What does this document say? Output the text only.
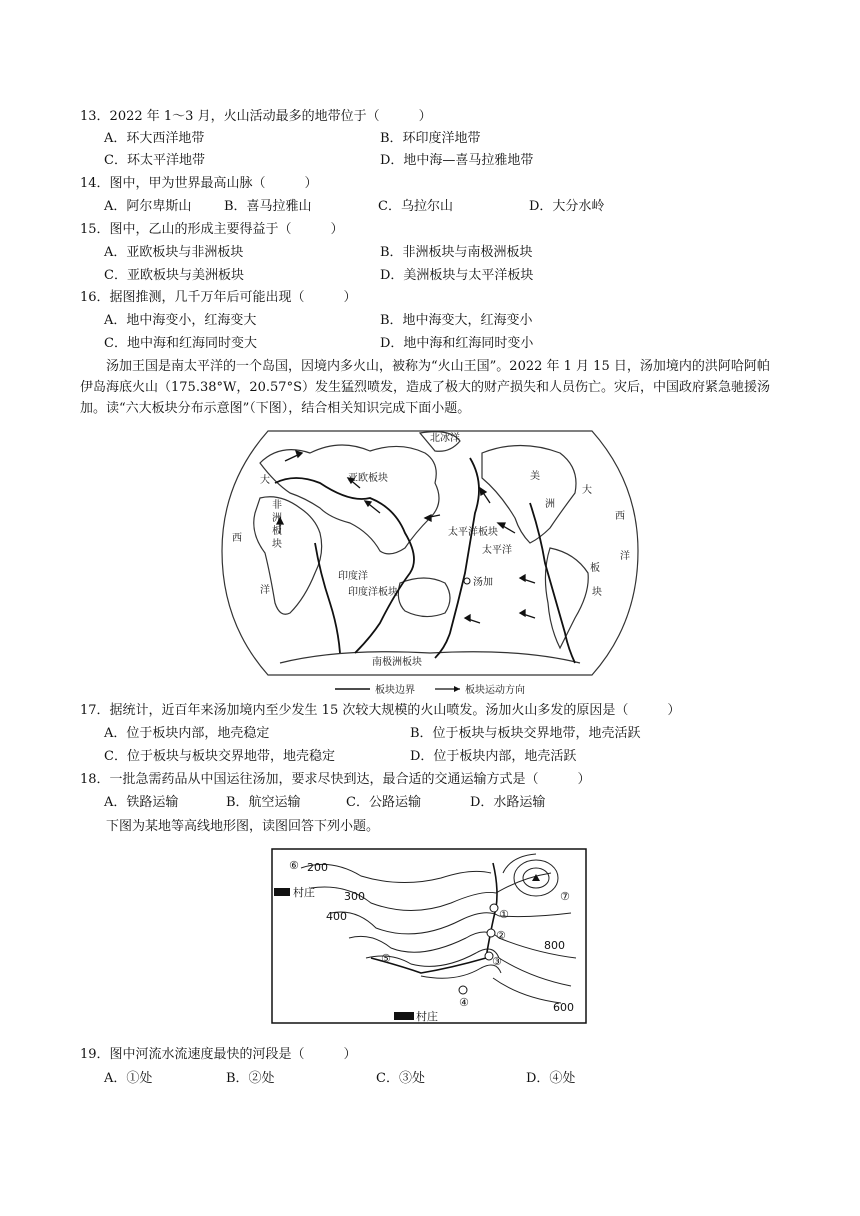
13．2022 年 1～3 月，火山活动最多的地带位于（　　　）
A．环大西洋地带	B．环印度洋地带
C．环太平洋地带	D．地中海—喜马拉雅地带
14．图中，甲为世界最高山脉（　　　）
A．阿尔卑斯山	B．喜马拉雅山	C．乌拉尔山	D．大分水岭
15．图中，乙山的形成主要得益于（　　　）
A．亚欧板块与非洲板块	B．非洲板块与南极洲板块
C．亚欧板块与美洲板块	D．美洲板块与太平洋板块
16．据图推测，几千万年后可能出现（　　　）
A．地中海变小，红海变大	B．地中海变大，红海变小
C．地中海和红海同时变大	D．地中海和红海同时变小
汤加王国是南太平洋的一个岛国，因境内多火山，被称为“火山王国”。2022 年 1 月 15 日，汤加境内的洪阿哈阿帕伊岛海底火山（175.38°W，20.57°S）发生猛烈喷发，造成了极大的财产损失和人员伤亡。灾后，中国政府紧急驰援汤加。读“六大板块分布示意图”（下图），结合相关知识完成下面小题。
北冰洋
亚欧板块
非
洲
板
块
大
大
西
西
洋
洋
美
洲
板
块
太平洋板块
太平洋
印度洋
印度洋板块
汤加
南极洲板块
板块边界	板块运动方向
17．据统计，近百年来汤加境内至少发生 15 次较大规模的火山喷发。汤加火山多发的原因是（　　　）
A．位于板块内部，地壳稳定	B．位于板块与板块交界地带，地壳活跃
C．位于板块与板块交界地带，地壳稳定	D．位于板块内部，地壳活跃
18．一批急需药品从中国运往汤加，要求尽快到达，最合适的交通运输方式是（　　　）
A．铁路运输	B．航空运输	C．公路运输	D．水路运输
下图为某地等高线地形图，读图回答下列小题。
⑥ 200
村庄	300
400
800
600
村庄
⑦
①
②
③
④
⑤
19．图中河流水流速度最快的河段是（　　　）
A．①处	B．②处	C．③处	D．④处
